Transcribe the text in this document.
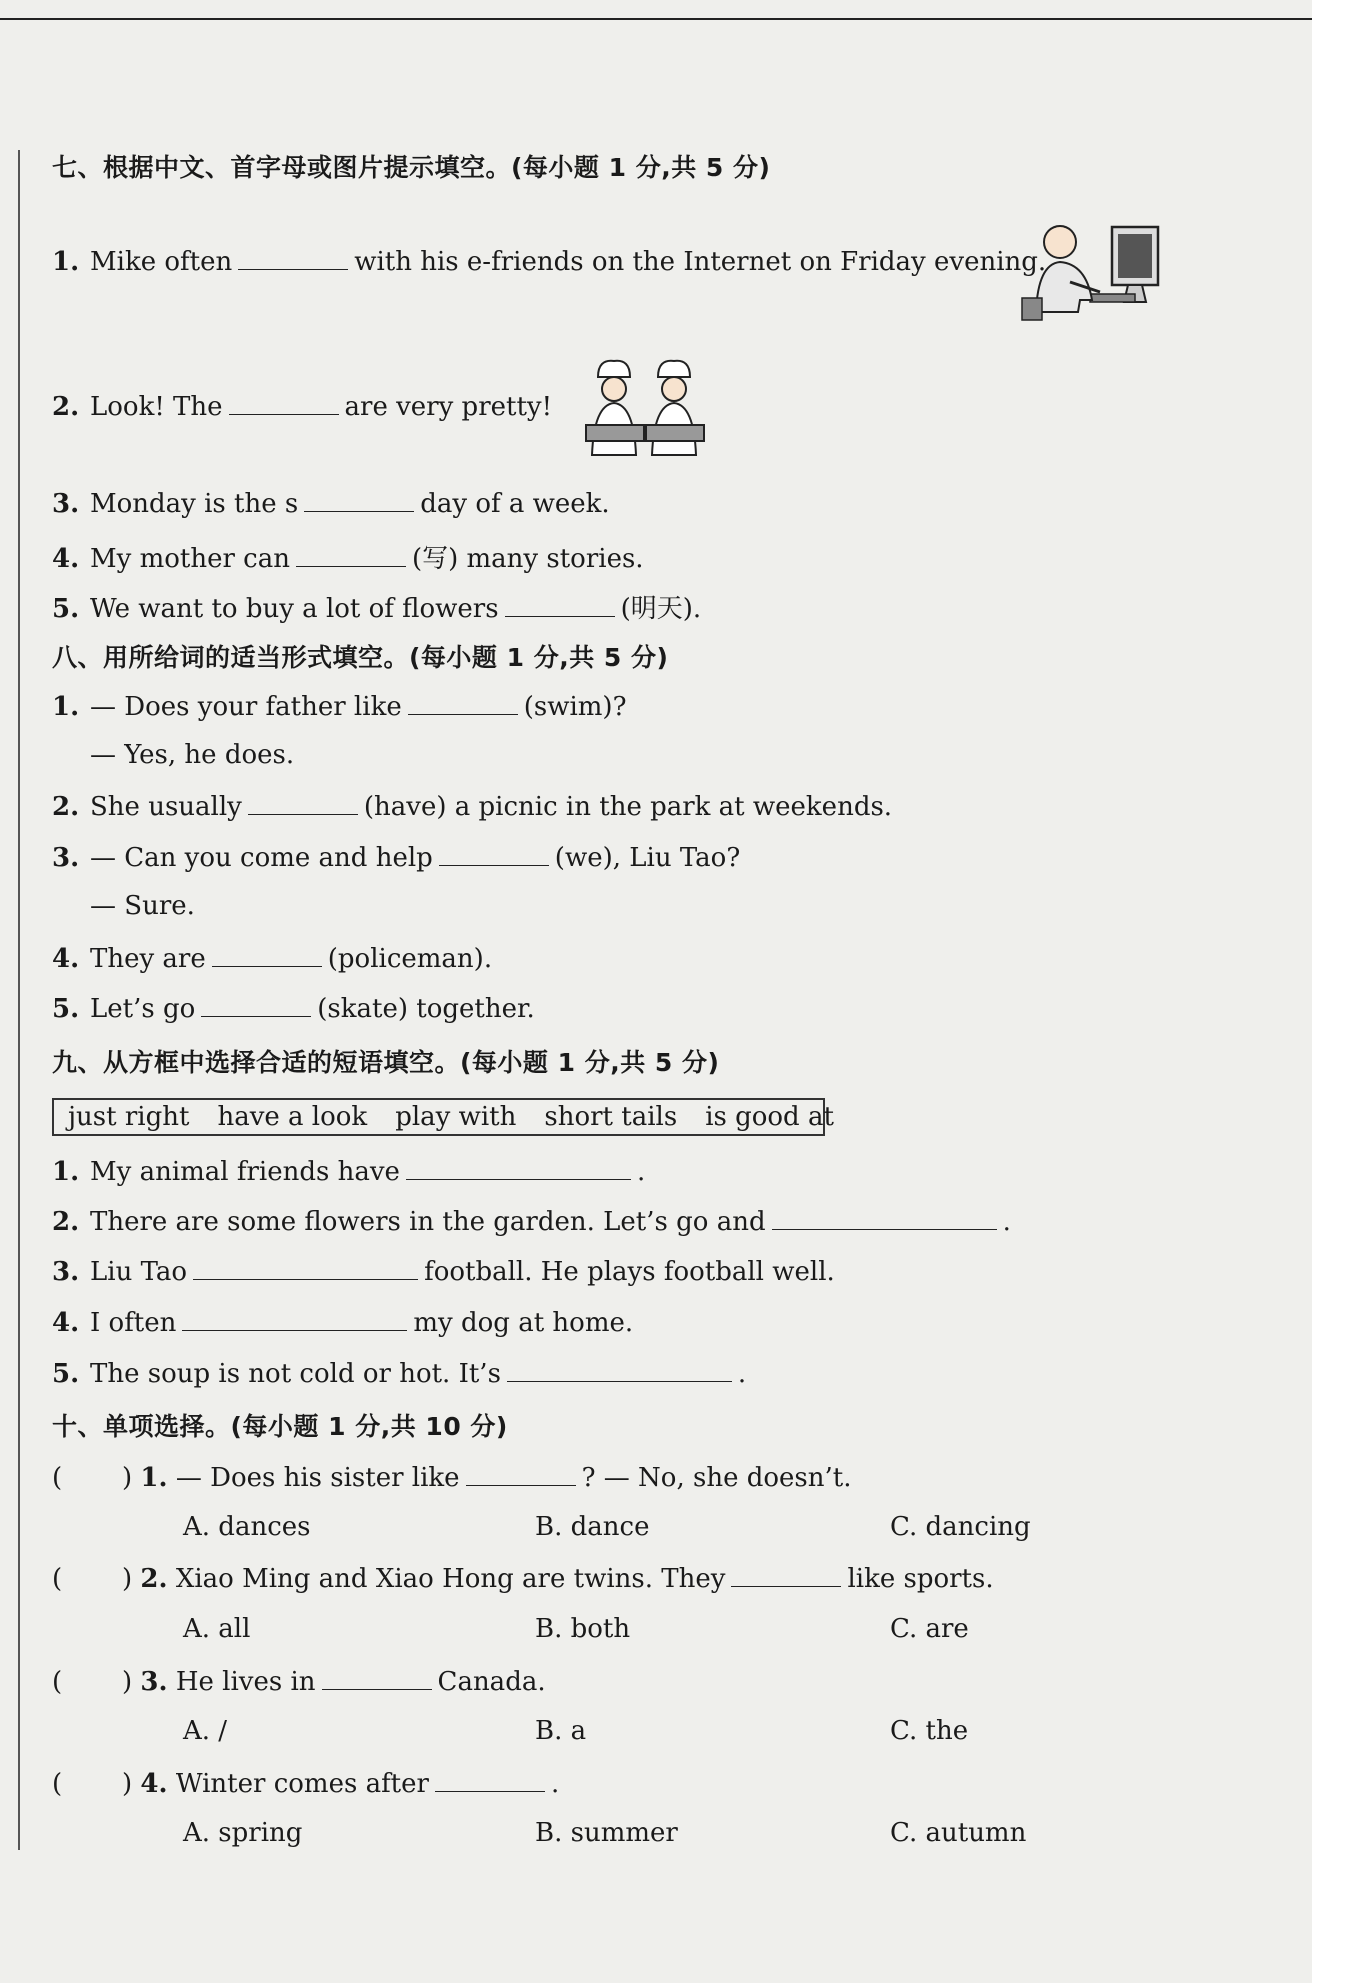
七、根据中文、首字母或图片提示填空。(每小题 1 分,共 5 分)
1. Mike often	with his e-friends on the Internet on Friday evening.
2. Look! The	are very pretty!
3. Monday is the s	day of a week.
4. My mother can	(写) many stories.
5. We want to buy a lot of flowers	(明天).
八、用所给词的适当形式填空。(每小题 1 分,共 5 分)
1. — Does your father like	(swim)?
— Yes, he does.
2. She usually	(have) a picnic in the park at weekends.
3. — Can you come and help	(we), Liu Tao?
— Sure.
4. They are	(policeman).
5. Let’s go	(skate) together.
九、从方框中选择合适的短语填空。(每小题 1 分,共 5 分)
just right have a look play with short tails is good at
1. My animal friends have	.
2. There are some flowers in the garden. Let’s go and	.
3. Liu Tao	football. He plays football well.
4. I often	my dog at home.
5. The soup is not cold or hot. It’s	.
十、单项选择。(每小题 1 分,共 10 分)
( ) 1. — Does his sister like	? — No, she doesn’t.
A. dances	B. dance	C. dancing
( ) 2. Xiao Ming and Xiao Hong are twins. They	like sports.
A. all	B. both	C. are
( ) 3. He lives in	Canada.
A. /	B. a	C. the
( ) 4. Winter comes after	.
A. spring	B. summer	C. autumn
